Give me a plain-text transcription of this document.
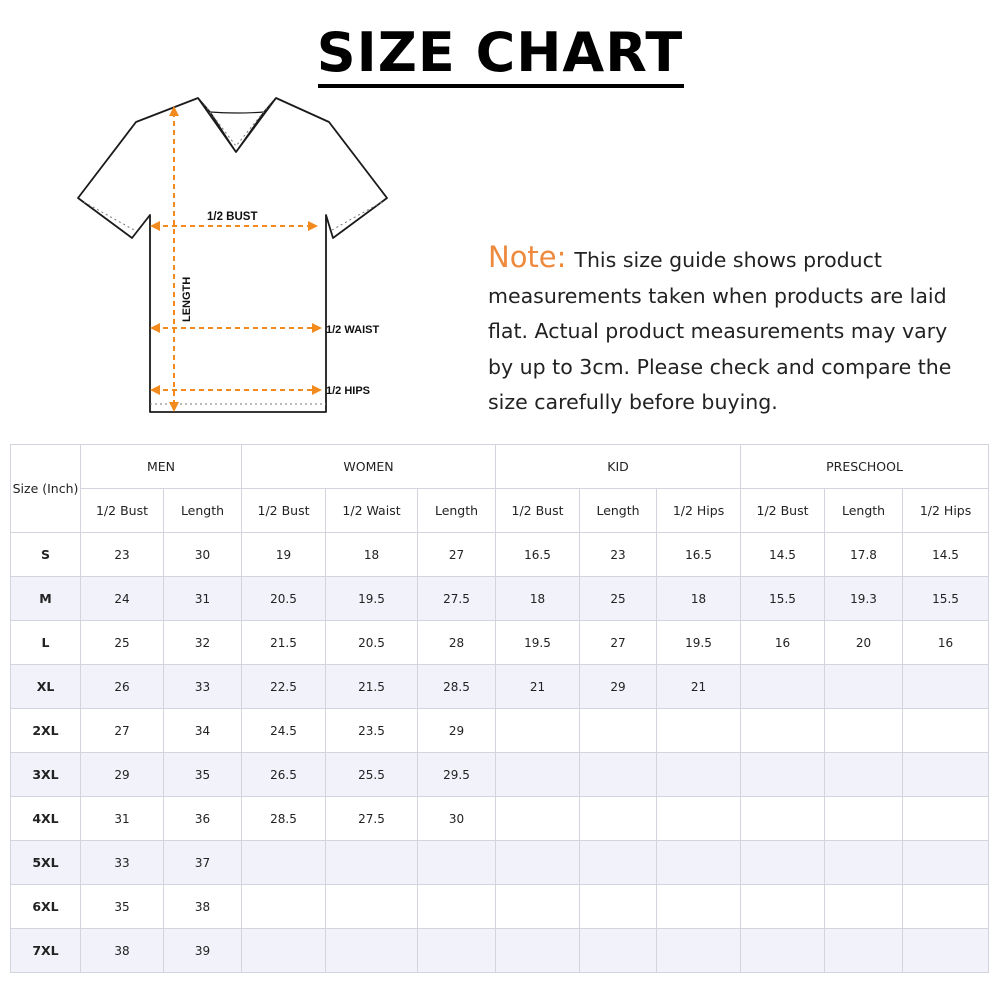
SIZE CHART
1/2 BUST
LENGTH
1/2 WAIST
1/2 HIPS
Note: This size guide shows product measurements taken when products are laid flat. Actual product measurements may vary by up to 3cm. Please check and compare the size carefully before buying.
Size (Inch)	MEN		WOMEN			KID			PRESCHOOL		
	1/2 Bust	Length	1/2 Bust	1/2 Waist	Length	1/2 Bust	Length	1/2 Hips	1/2 Bust	Length	1/2 Hips
S	23	30	19	18	27	16.5	23	16.5	14.5	17.8	14.5
M	24	31	20.5	19.5	27.5	18	25	18	15.5	19.3	15.5
L	25	32	21.5	20.5	28	19.5	27	19.5	16	20	16
XL	26	33	22.5	21.5	28.5	21	29	21			
2XL	27	34	24.5	23.5	29						
3XL	29	35	26.5	25.5	29.5						
4XL	31	36	28.5	27.5	30						
5XL	33	37									
6XL	35	38									
7XL	38	39									
